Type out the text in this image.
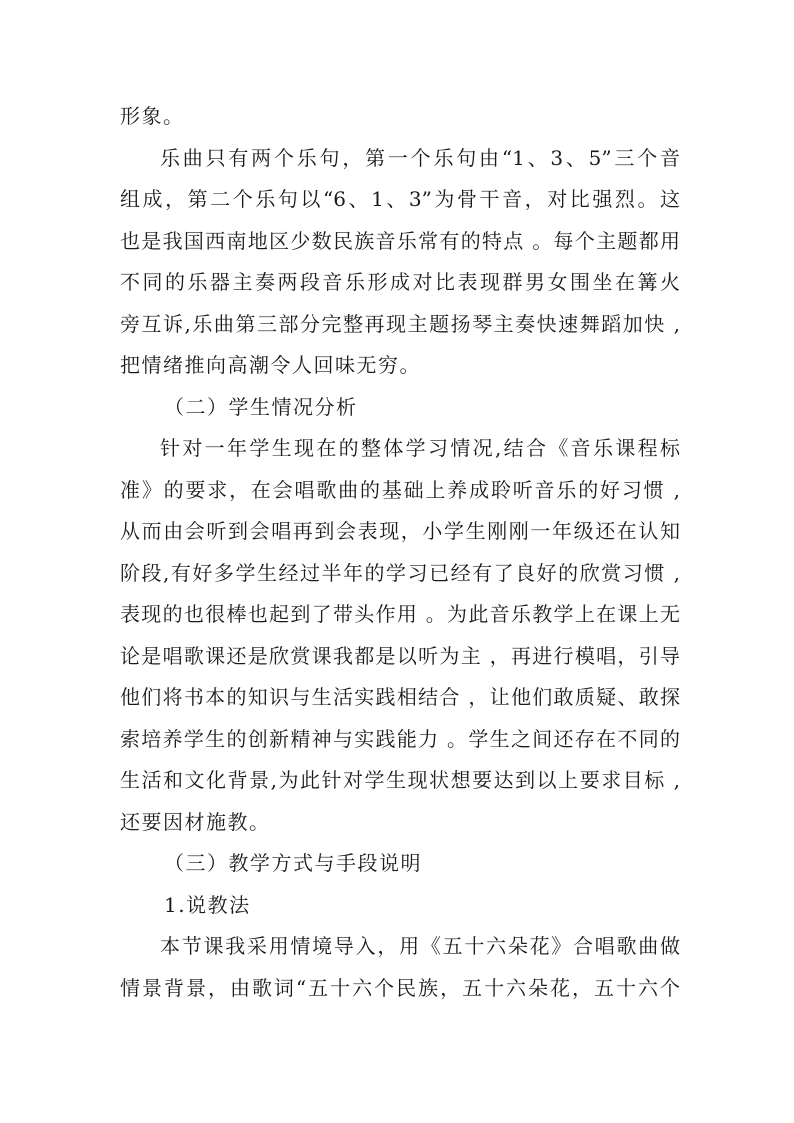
形象。
乐曲只有两个乐句，第一个乐句由“1、3、5”三个音
组成，第二个乐句以“6、1、3”为骨干音，对比强烈。这
也是我国西南地区少数民族音乐常有的特点 。每个主题都用
不同的乐器主奏两段音乐形成对比表现群男女围坐在篝火
旁互诉,乐曲第三部分完整再现主题扬琴主奏快速舞蹈加快 ,
把情绪推向高潮令人回味无穷。
（二）学生情况分析
针对一年学生现在的整体学习情况,结合《音乐课程标
准》的要求，在会唱歌曲的基础上养成聆听音乐的好习惯 ,
从而由会听到会唱再到会表现，小学生刚刚一年级还在认知
阶段,有好多学生经过半年的学习已经有了良好的欣赏习惯 ,
表现的也很棒也起到了带头作用 。为此音乐教学上在课上无
论是唱歌课还是欣赏课我都是以听为主 ，再进行模唱，引导
他们将书本的知识与生活实践相结合 ，让他们敢质疑、敢探
索培养学生的创新精神与实践能力 。学生之间还存在不同的
生活和文化背景,为此针对学生现状想要达到以上要求目标 ,
还要因材施教。
（三）教学方式与手段说明
1.说教法
本节课我采用情境导入，用《五十六朵花》合唱歌曲做
情景背景，由歌词“五十六个民族，五十六朵花，五十六个
